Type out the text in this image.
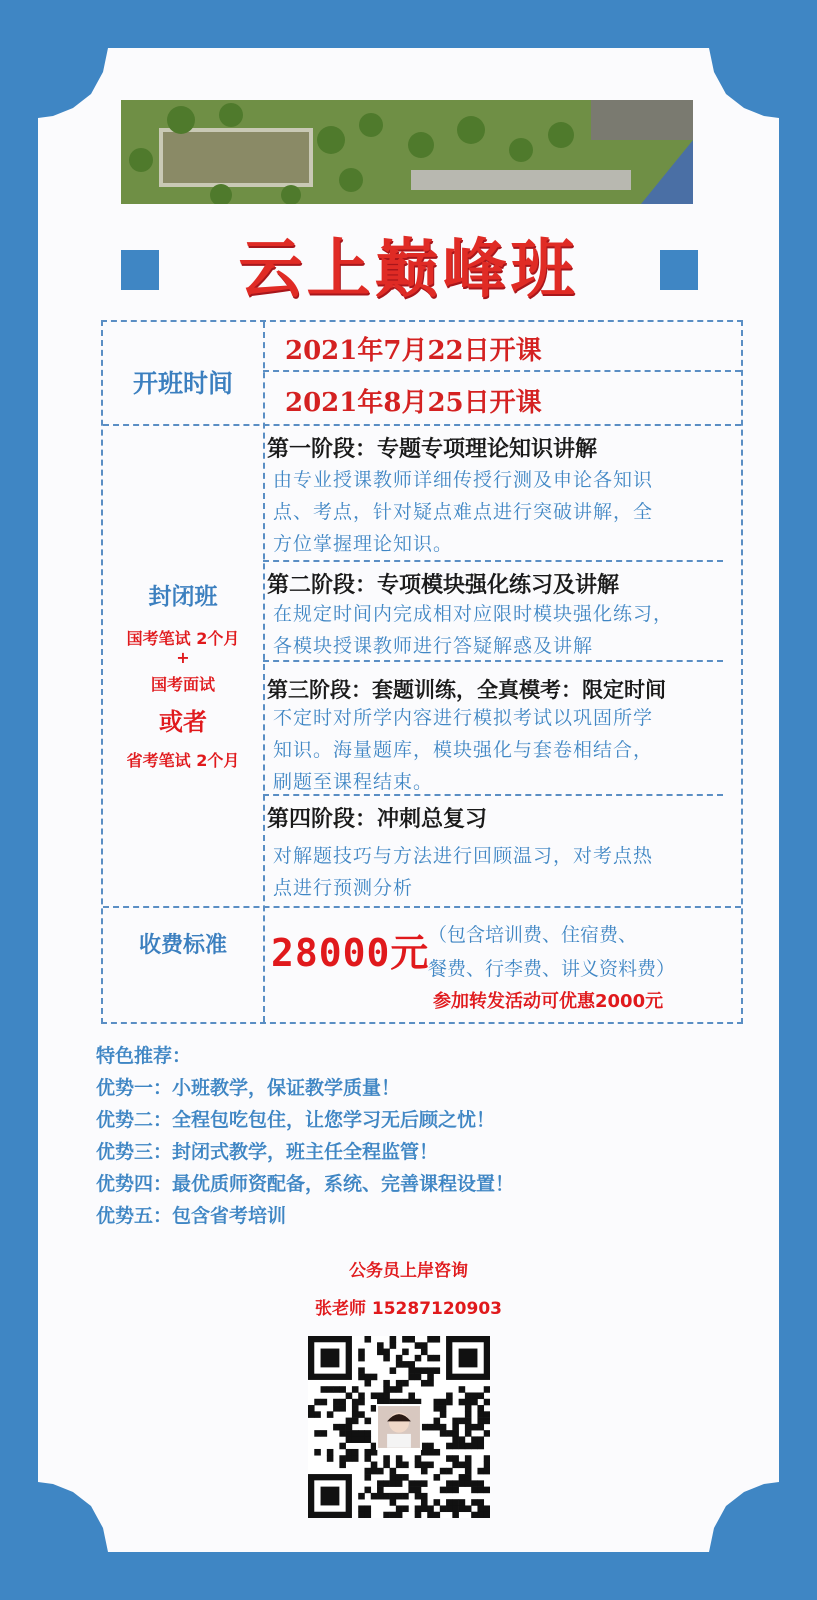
云上巅峰班
开班时间
2021年7月22日开课
2021年8月25日开课
封闭班
国考笔试 2个月
+
国考面试
或者
省考笔试 2个月
第一阶段：专题专项理论知识讲解
由专业授课教师详细传授行测及申论各知识
点、考点，针对疑点难点进行突破讲解，全
方位掌握理论知识。
第二阶段：专项模块强化练习及讲解
在规定时间内完成相对应限时模块强化练习，
各模块授课教师进行答疑解惑及讲解
第三阶段：套题训练，全真模考：限定时间
不定时对所学内容进行模拟考试以巩固所学
知识。海量题库，模块强化与套卷相结合，
刷题至课程结束。
第四阶段：冲刺总复习
对解题技巧与方法进行回顾温习，对考点热
点进行预测分析
收费标准	28000元
（包含培训费、住宿费、
餐费、行李费、讲义资料费）
参加转发活动可优惠2000元
特色推荐：
优势一：小班教学，保证教学质量！
优势二：全程包吃包住，让您学习无后顾之忧！
优势三：封闭式教学，班主任全程监管！
优势四：最优质师资配备，系统、完善课程设置！
优势五：包含省考培训
公务员上岸咨询
张老师 15287120903
